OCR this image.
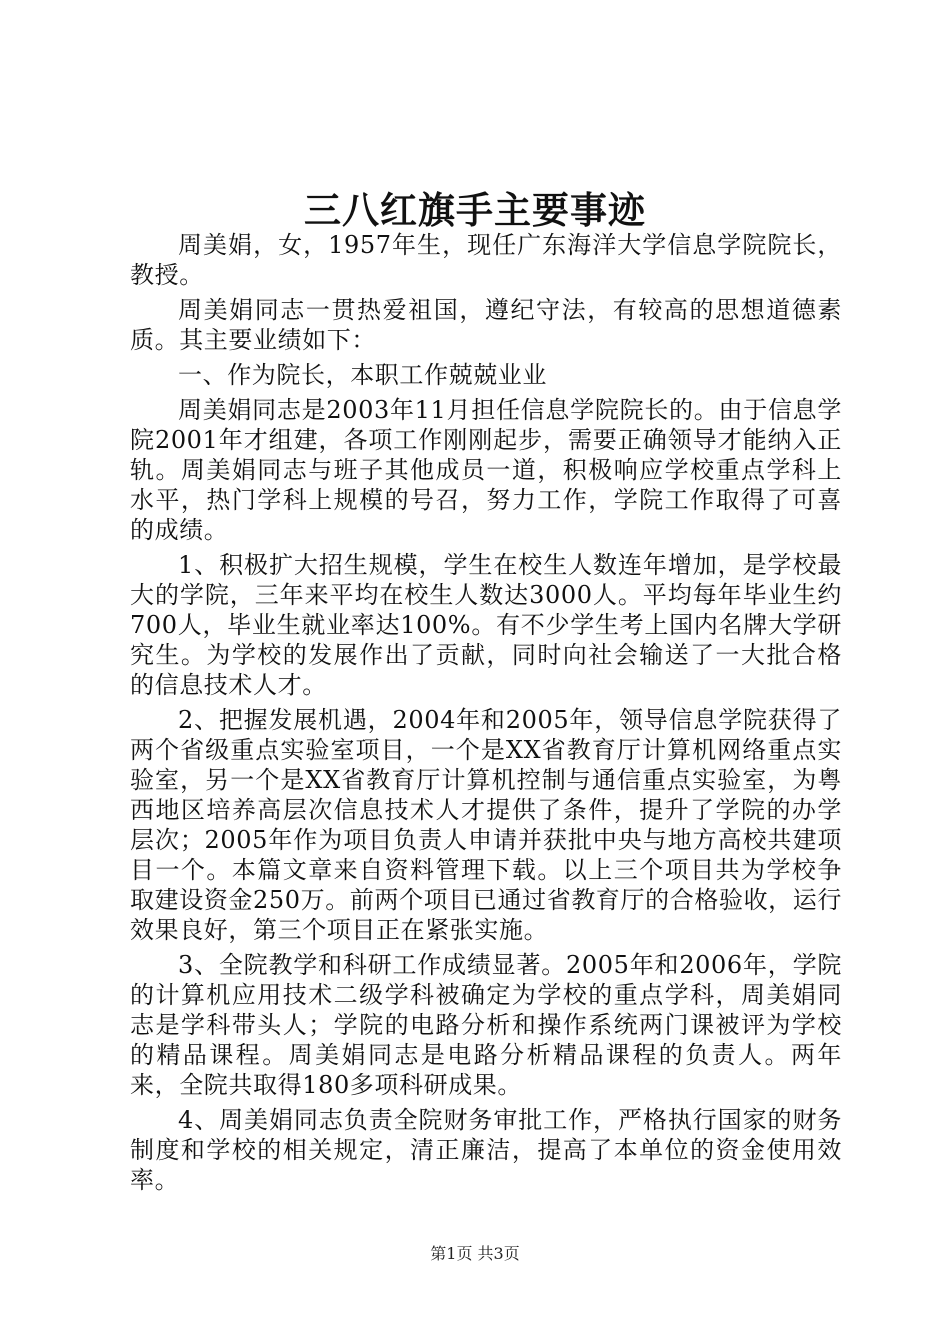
三八红旗手主要事迹

周美娟，女，1957年生，现任广东海洋大学信息学院院长，教授。

周美娟同志一贯热爱祖国，遵纪守法，有较高的思想道德素质。其主要业绩如下：

一、作为院长，本职工作兢兢业业

周美娟同志是2003年11月担任信息学院院长的。由于信息学院2001年才组建，各项工作刚刚起步，需要正确领导才能纳入正轨。周美娟同志与班子其他成员一道，积极响应学校重点学科上水平，热门学科上规模的号召，努力工作，学院工作取得了可喜的成绩。

1、积极扩大招生规模，学生在校生人数连年增加，是学校最大的学院，三年来平均在校生人数达3000人。平均每年毕业生约700人，毕业生就业率达100%。有不少学生考上国内名牌大学研究生。为学校的发展作出了贡献，同时向社会输送了一大批合格的信息技术人才。

2、把握发展机遇，2004年和2005年，领导信息学院获得了两个省级重点实验室项目，一个是XX省教育厅计算机网络重点实验室，另一个是XX省教育厅计算机控制与通信重点实验室，为粤西地区培养高层次信息技术人才提供了条件，提升了学院的办学层次；2005年作为项目负责人申请并获批中央与地方高校共建项目一个。本篇文章来自资料管理下载。以上三个项目共为学校争取建设资金250万。前两个项目已通过省教育厅的合格验收，运行效果良好，第三个项目正在紧张实施。

3、全院教学和科研工作成绩显著。2005年和2006年，学院的计算机应用技术二级学科被确定为学校的重点学科，周美娟同志是学科带头人；学院的电路分析和操作系统两门课被评为学校的精品课程。周美娟同志是电路分析精品课程的负责人。两年来，全院共取得180多项科研成果。

4、周美娟同志负责全院财务审批工作，严格执行国家的财务制度和学校的相关规定，清正廉洁，提高了本单位的资金使用效率。

第1页 共3页
